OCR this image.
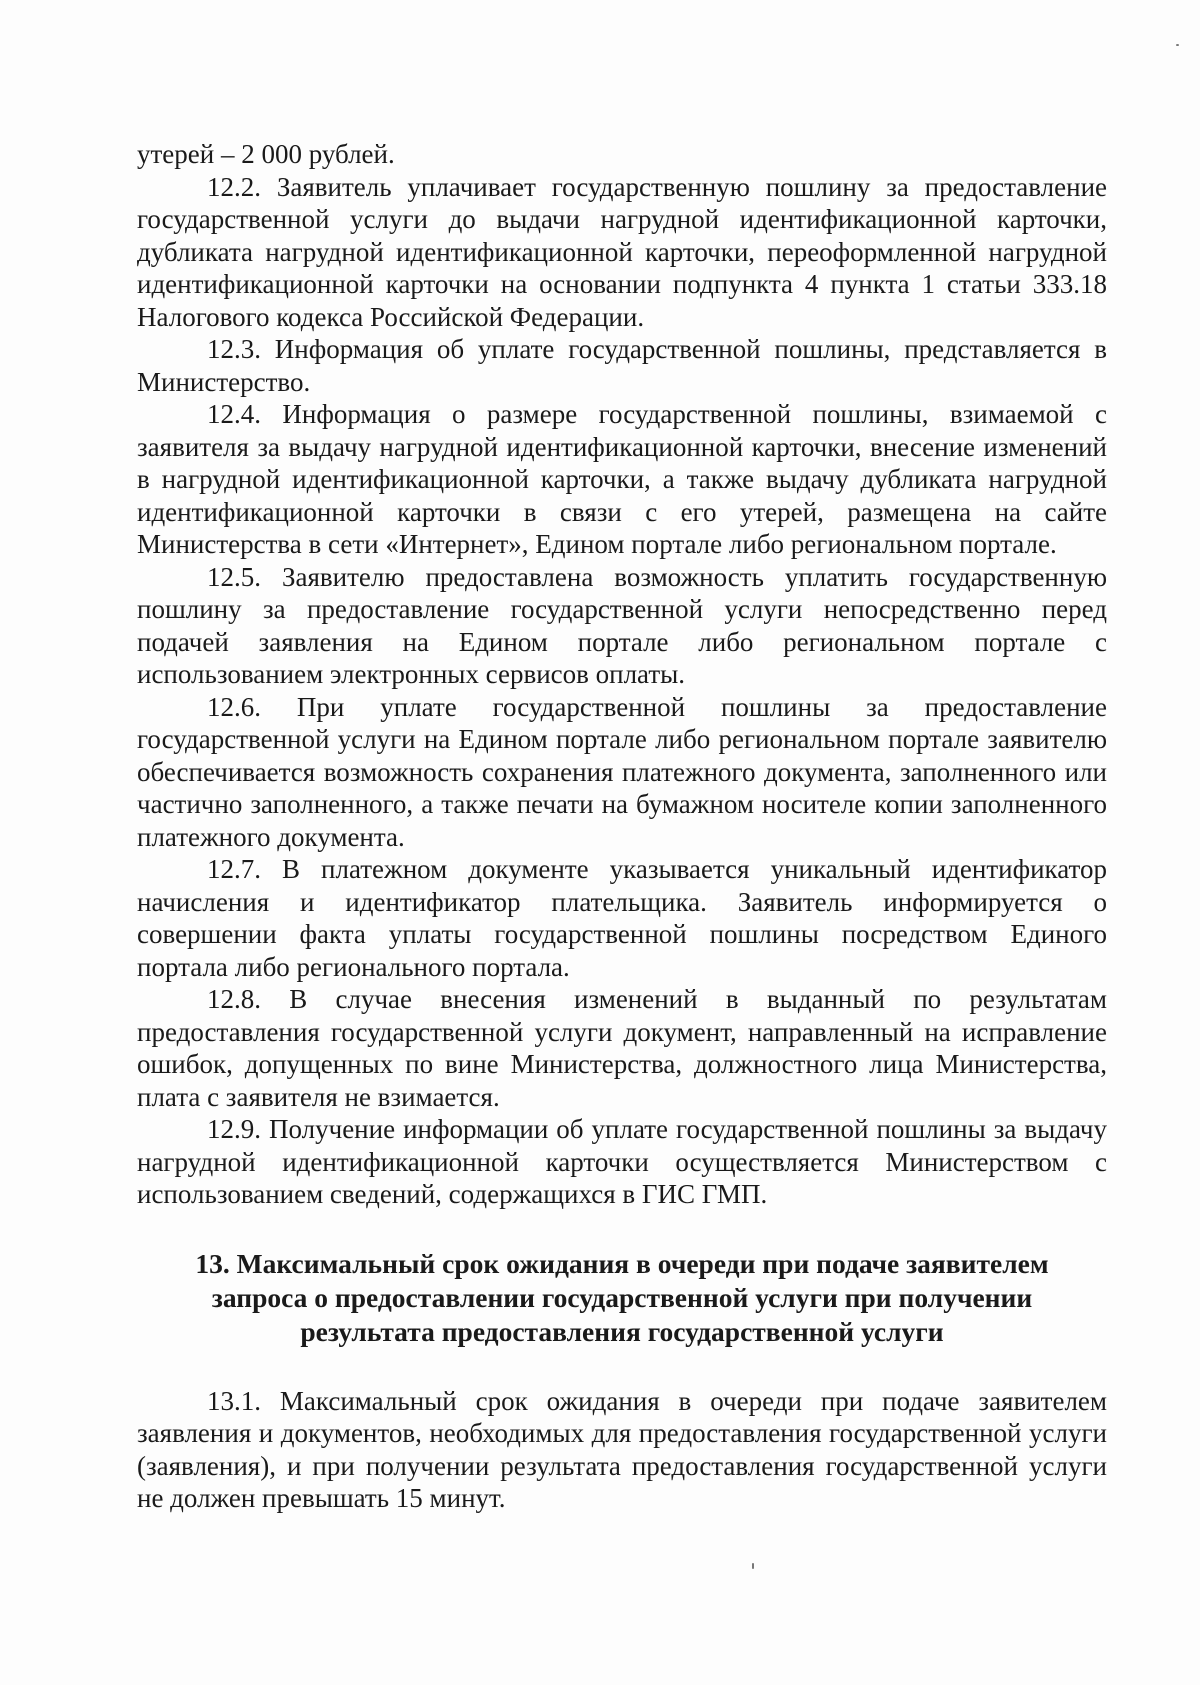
утерей – 2 000 рублей.

12.2. Заявитель уплачивает государственную пошлину за предоставление государственной услуги до выдачи нагрудной идентификационной карточки, дубликата нагрудной идентификационной карточки, переоформленной нагрудной идентификационной карточки на основании подпункта 4 пункта 1 статьи 333.18 Налогового кодекса Российской Федерации.

12.3. Информация об уплате государственной пошлины, представляется в Министерство.

12.4. Информация о размере государственной пошлины, взимаемой с заявителя за выдачу нагрудной идентификационной карточки, внесение изменений в нагрудной идентификационной карточки, а также выдачу дубликата нагрудной идентификационной карточки в связи с его утерей, размещена на сайте Министерства в сети «Интернет», Едином портале либо региональном портале.

12.5. Заявителю предоставлена возможность уплатить государственную пошлину за предоставление государственной услуги непосредственно перед подачей заявления на Едином портале либо региональном портале с использованием электронных сервисов оплаты.

12.6. При уплате государственной пошлины за предоставление государственной услуги на Едином портале либо региональном портале заявителю обеспечивается возможность сохранения платежного документа, заполненного или частично заполненного, а также печати на бумажном носителе копии заполненного платежного документа.

12.7. В платежном документе указывается уникальный идентификатор начисления и идентификатор плательщика. Заявитель информируется о совершении факта уплаты государственной пошлины посредством Единого портала либо регионального портала.

12.8. В случае внесения изменений в выданный по результатам предоставления государственной услуги документ, направленный на исправление ошибок, допущенных по вине Министерства, должностного лица Министерства, плата с заявителя не взимается.

12.9. Получение информации об уплате государственной пошлины за выдачу нагрудной идентификационной карточки осуществляется Министерством с использованием сведений, содержащихся в ГИС ГМП.

13. Максимальный срок ожидания в очереди при подаче заявителем запроса о предоставлении государственной услуги при получении результата предоставления государственной услуги

13.1. Максимальный срок ожидания в очереди при подаче заявителем заявления и документов, необходимых для предоставления государственной услуги (заявления), и при получении результата предоставления государственной услуги не должен превышать 15 минут.
